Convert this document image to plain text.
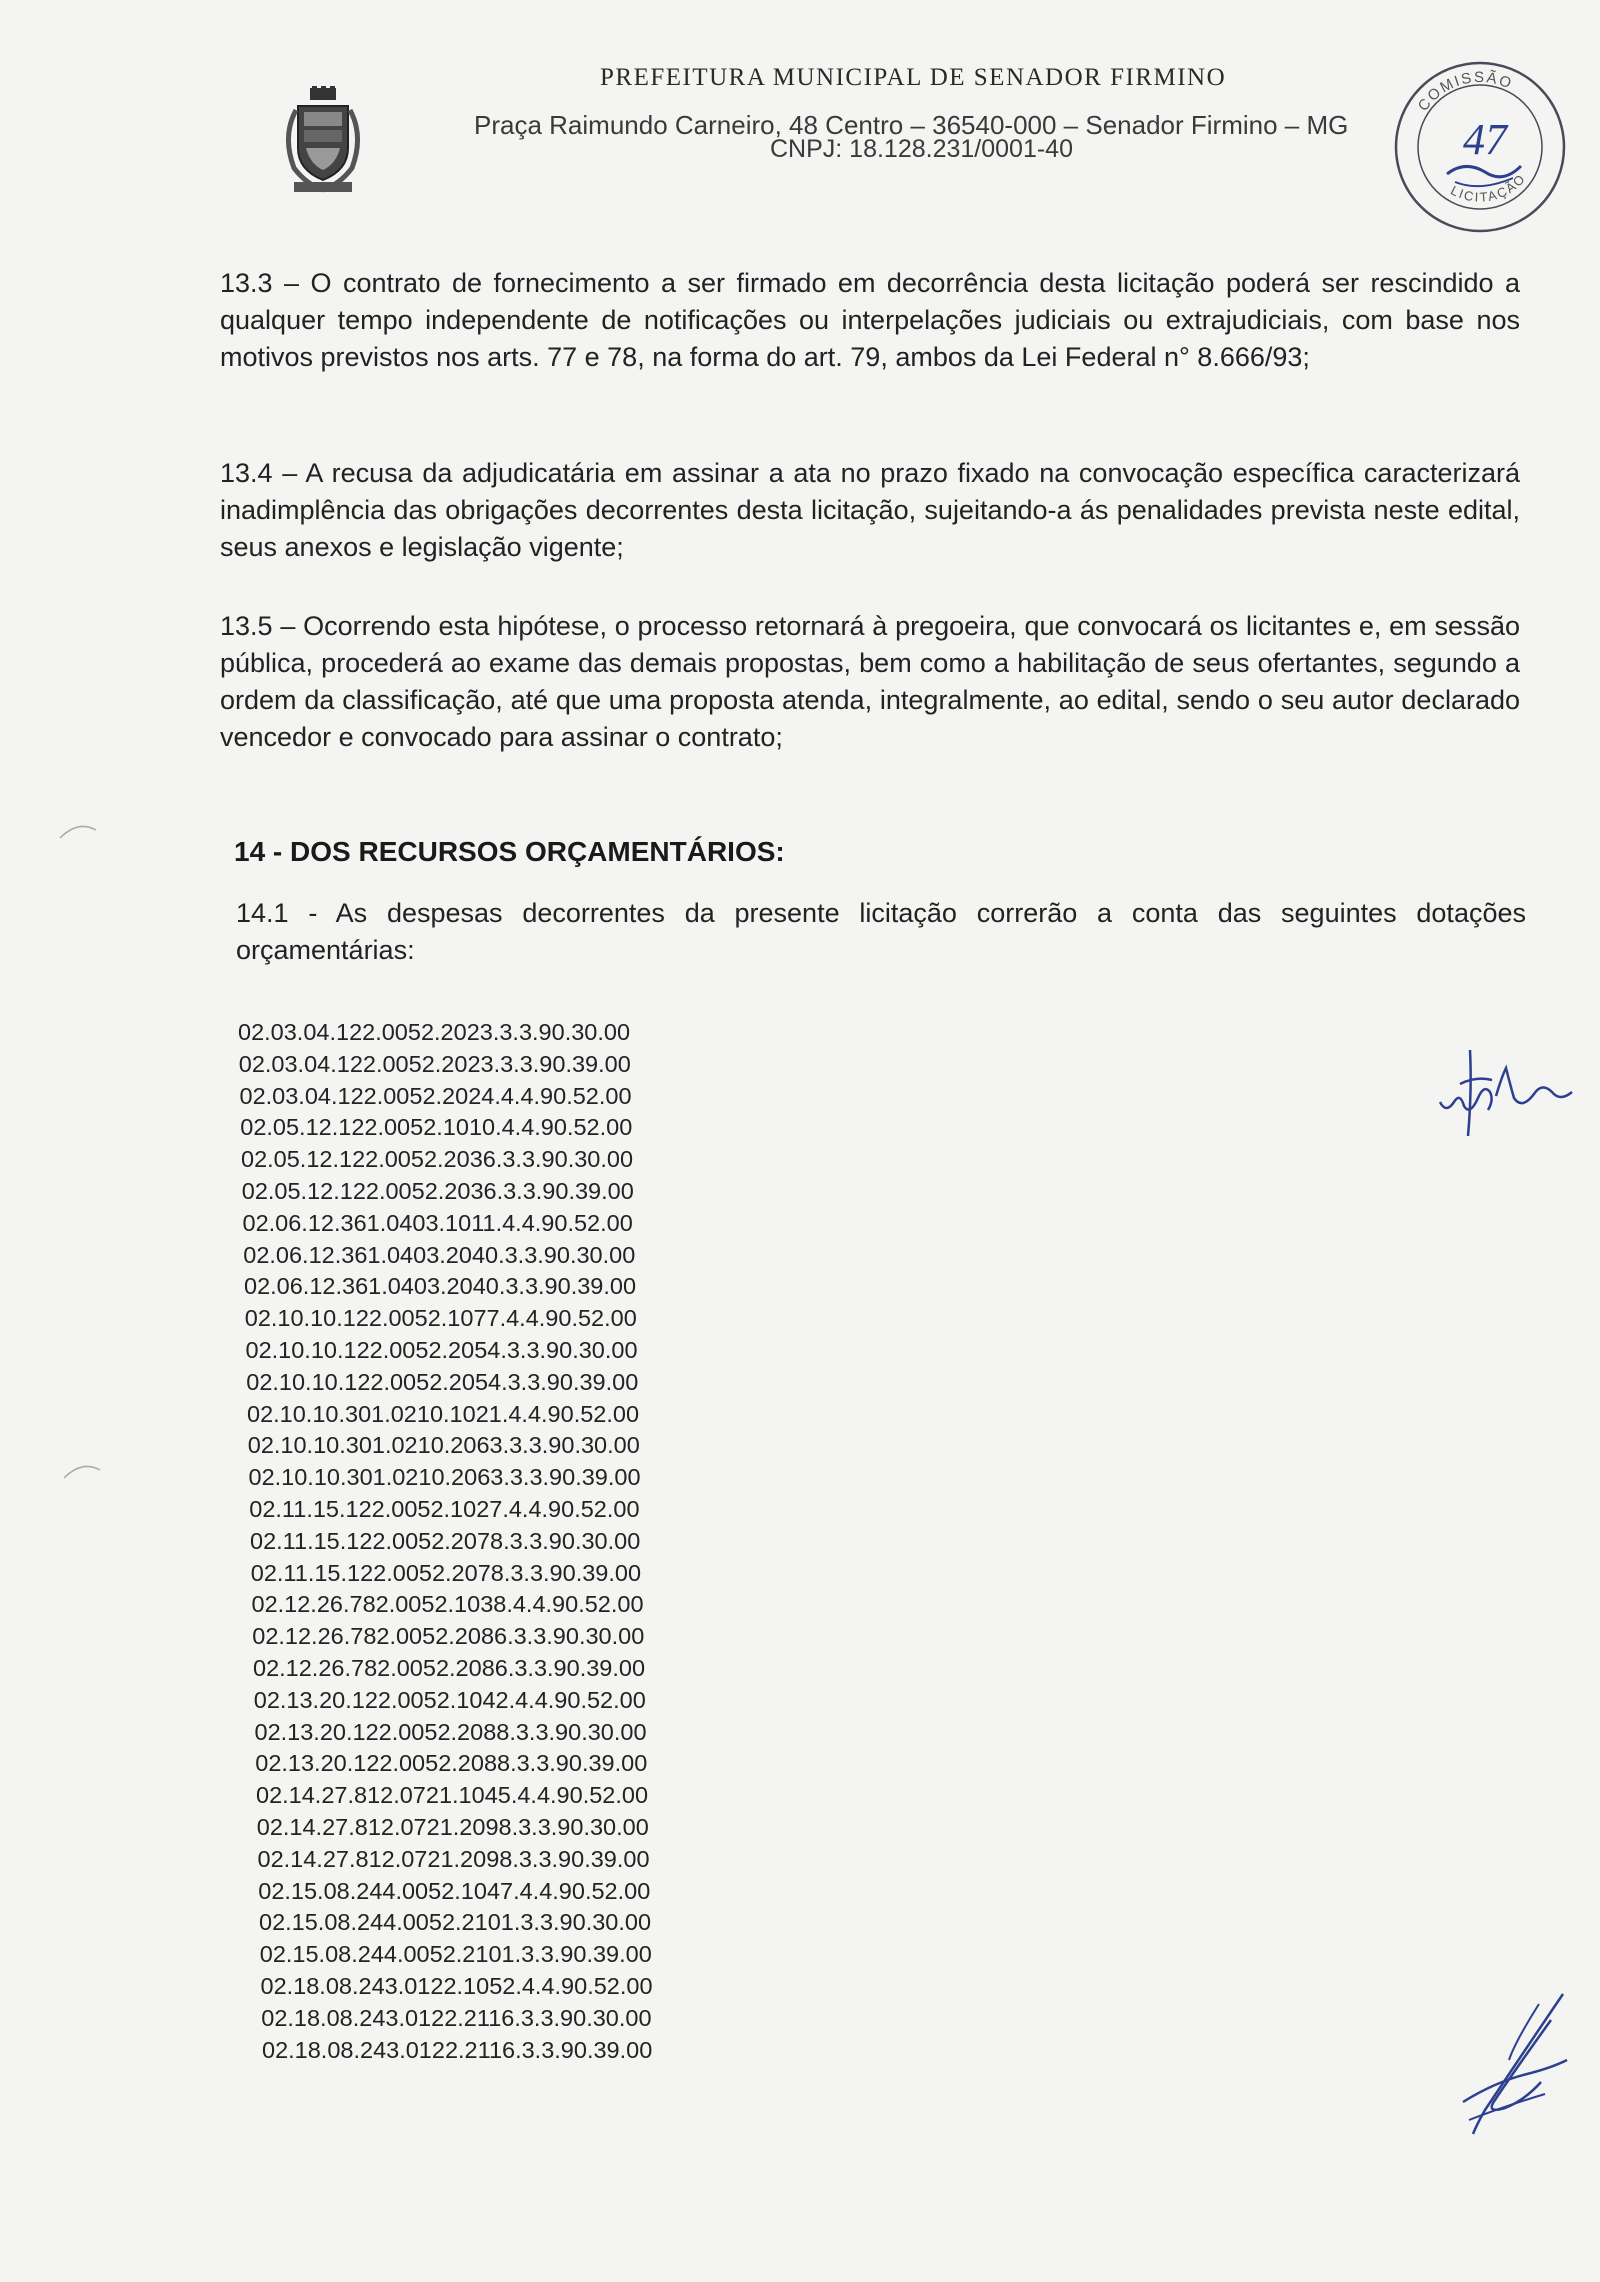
PREFEITURA MUNICIPAL DE SENADOR FIRMINO
Praça Raimundo Carneiro, 48 Centro – 36540-000 – Senador Firmino – MG
CNPJ: 18.128.231/0001-40
COMISSÃO
LICITAÇÃO
47
13.3 – O contrato de fornecimento a ser firmado em decorrência desta licitação poderá ser rescindido a qualquer tempo independente de notificações ou interpelações judiciais ou extrajudiciais, com base nos motivos previstos nos arts. 77 e 78, na forma do art. 79, ambos da Lei Federal n° 8.666/93;
13.4 – A recusa da adjudicatária em assinar a ata no prazo fixado na convocação específica caracterizará inadimplência das obrigações decorrentes desta licitação, sujeitando-a ás penalidades prevista neste edital, seus anexos e legislação vigente;
13.5 – Ocorrendo esta hipótese, o processo retornará à pregoeira, que convocará os licitantes e, em sessão pública, procederá ao exame das demais propostas, bem como a habilitação de seus ofertantes, segundo a ordem da classificação, até que uma proposta atenda, integralmente, ao edital, sendo o seu autor declarado vencedor e convocado para assinar o contrato;
14 - DOS RECURSOS ORÇAMENTÁRIOS:
14.1 - As despesas decorrentes da presente licitação correrão a conta das seguintes dotações orçamentárias:
02.03.04.122.0052.2023.3.3.90.30.00
02.03.04.122.0052.2023.3.3.90.39.00
02.03.04.122.0052.2024.4.4.90.52.00
02.05.12.122.0052.1010.4.4.90.52.00
02.05.12.122.0052.2036.3.3.90.30.00
02.05.12.122.0052.2036.3.3.90.39.00
02.06.12.361.0403.1011.4.4.90.52.00
02.06.12.361.0403.2040.3.3.90.30.00
02.06.12.361.0403.2040.3.3.90.39.00
02.10.10.122.0052.1077.4.4.90.52.00
02.10.10.122.0052.2054.3.3.90.30.00
02.10.10.122.0052.2054.3.3.90.39.00
02.10.10.301.0210.1021.4.4.90.52.00
02.10.10.301.0210.2063.3.3.90.30.00
02.10.10.301.0210.2063.3.3.90.39.00
02.11.15.122.0052.1027.4.4.90.52.00
02.11.15.122.0052.2078.3.3.90.30.00
02.11.15.122.0052.2078.3.3.90.39.00
02.12.26.782.0052.1038.4.4.90.52.00
02.12.26.782.0052.2086.3.3.90.30.00
02.12.26.782.0052.2086.3.3.90.39.00
02.13.20.122.0052.1042.4.4.90.52.00
02.13.20.122.0052.2088.3.3.90.30.00
02.13.20.122.0052.2088.3.3.90.39.00
02.14.27.812.0721.1045.4.4.90.52.00
02.14.27.812.0721.2098.3.3.90.30.00
02.14.27.812.0721.2098.3.3.90.39.00
02.15.08.244.0052.1047.4.4.90.52.00
02.15.08.244.0052.2101.3.3.90.30.00
02.15.08.244.0052.2101.3.3.90.39.00
02.18.08.243.0122.1052.4.4.90.52.00
02.18.08.243.0122.2116.3.3.90.30.00
02.18.08.243.0122.2116.3.3.90.39.00
